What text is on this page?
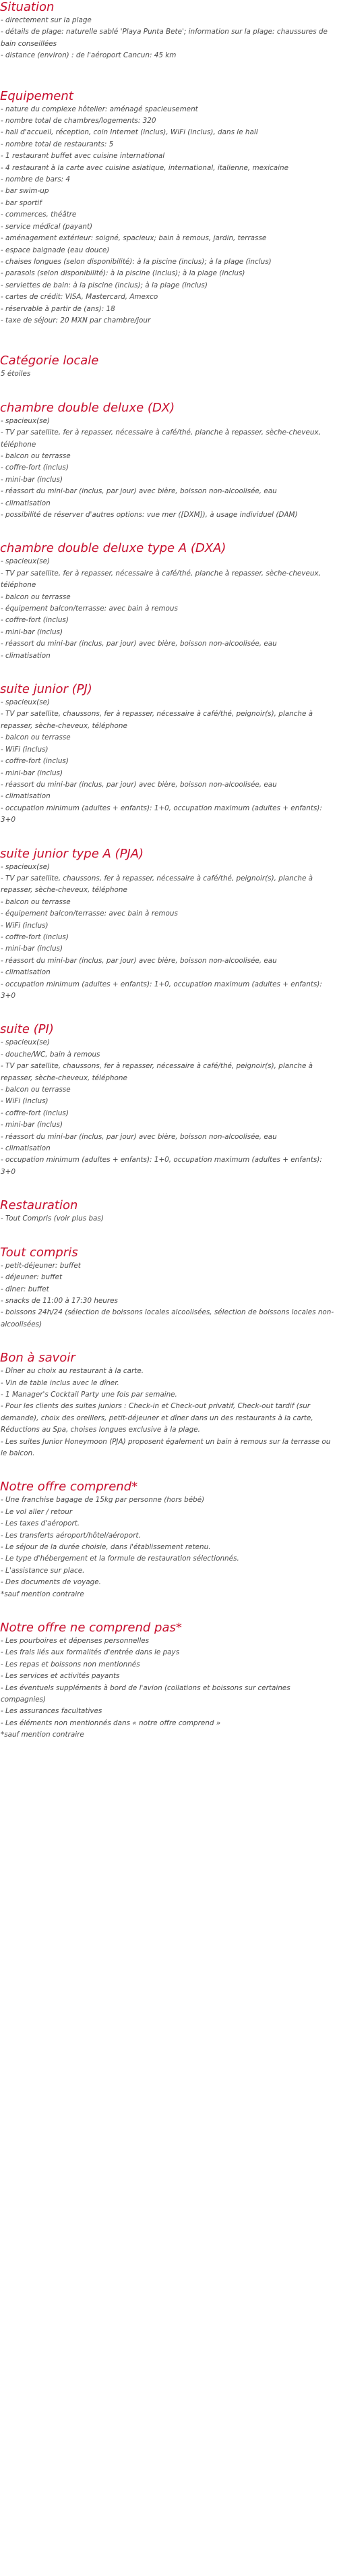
Situation
- directement sur la plage
- détails de plage: naturelle sablé 'Playa Punta Bete'; information sur la plage: chaussures de bain conseillées
- distance (environ) : de l'aéroport Cancun: 45 km
Equipement
- nature du complexe hôtelier: aménagé spacieusement
- nombre total de chambres/logements: 320
- hall d'accueil, réception, coin Internet (inclus), WiFi (inclus), dans le hall
- nombre total de restaurants: 5
- 1 restaurant buffet avec cuisine international
- 4 restaurant à la carte avec cuisine asiatique, international, italienne, mexicaine
- nombre de bars: 4
- bar swim-up
- bar sportif
- commerces, théâtre
- service médical (payant)
- aménagement extérieur: soigné, spacieux; bain à remous, jardin, terrasse
- espace baignade (eau douce)
- chaises longues (selon disponibilité): à la piscine (inclus); à la plage (inclus)
- parasols (selon disponibilité): à la piscine (inclus); à la plage (inclus)
- serviettes de bain: à la piscine (inclus); à la plage (inclus)
- cartes de crédit: VISA, Mastercard, Amexco
- réservable à partir de (ans): 18
- taxe de séjour: 20 MXN par chambre/jour
Catégorie locale
5 étoiles
chambre double deluxe (DX)
- spacieux(se)
- TV par satellite, fer à repasser, nécessaire à café/thé, planche à repasser, sèche-cheveux, téléphone
- balcon ou terrasse
- coffre-fort (inclus)
- mini-bar (inclus)
- réassort du mini-bar (inclus, par jour) avec bière, boisson non-alcoolisée, eau
- climatisation
- possibilité de réserver d'autres options: vue mer ([DXM]), à usage individuel (DAM)
chambre double deluxe type A (DXA)
- spacieux(se)
- TV par satellite, fer à repasser, nécessaire à café/thé, planche à repasser, sèche-cheveux, téléphone
- balcon ou terrasse
- équipement balcon/terrasse: avec bain à remous
- coffre-fort (inclus)
- mini-bar (inclus)
- réassort du mini-bar (inclus, par jour) avec bière, boisson non-alcoolisée, eau
- climatisation
suite junior (PJ)
- spacieux(se)
- TV par satellite, chaussons, fer à repasser, nécessaire à café/thé, peignoir(s), planche à repasser, sèche-cheveux, téléphone
- balcon ou terrasse
- WiFi (inclus)
- coffre-fort (inclus)
- mini-bar (inclus)
- réassort du mini-bar (inclus, par jour) avec bière, boisson non-alcoolisée, eau
- climatisation
- occupation minimum (adultes + enfants): 1+0, occupation maximum (adultes + enfants): 3+0
suite junior type A (PJA)
- spacieux(se)
- TV par satellite, chaussons, fer à repasser, nécessaire à café/thé, peignoir(s), planche à repasser, sèche-cheveux, téléphone
- balcon ou terrasse
- équipement balcon/terrasse: avec bain à remous
- WiFi (inclus)
- coffre-fort (inclus)
- mini-bar (inclus)
- réassort du mini-bar (inclus, par jour) avec bière, boisson non-alcoolisée, eau
- climatisation
- occupation minimum (adultes + enfants): 1+0, occupation maximum (adultes + enfants): 3+0
suite (PI)
- spacieux(se)
- douche/WC, bain à remous
- TV par satellite, chaussons, fer à repasser, nécessaire à café/thé, peignoir(s), planche à repasser, sèche-cheveux, téléphone
- balcon ou terrasse
- WiFi (inclus)
- coffre-fort (inclus)
- mini-bar (inclus)
- réassort du mini-bar (inclus, par jour) avec bière, boisson non-alcoolisée, eau
- climatisation
- occupation minimum (adultes + enfants): 1+0, occupation maximum (adultes + enfants): 3+0
Restauration
- Tout Compris (voir plus bas)
Tout compris
- petit-déjeuner: buffet
- déjeuner: buffet
- dîner: buffet
- snacks de 11:00 à 17:30 heures
- boissons 24h/24 (sélection de boissons locales alcoolisées, sélection de boissons locales non-alcoolisées)
Bon à savoir
- Dîner au choix au restaurant à la carte.
- Vin de table inclus avec le dîner.
- 1 Manager's Cocktail Party une fois par semaine.
- Pour les clients des suites juniors : Check-in et Check-out privatif, Check-out tardif (sur demande), choix des oreillers, petit-déjeuner et dîner dans un des restaurants à la carte, Réductions au Spa, choises longues exclusive à la plage.
- Les suites Junior Honeymoon (PJA) proposent également un bain à remous sur la terrasse ou le balcon.
Notre offre comprend*
- Une franchise bagage de 15kg par personne (hors bébé)
- Le vol aller / retour
- Les taxes d'aéroport.
- Les transferts aéroport/hôtel/aéroport.
- Le séjour de la durée choisie, dans l'établissement retenu.
- Le type d'hébergement et la formule de restauration sélectionnés.
- L'assistance sur place.
- Des documents de voyage.
*sauf mention contraire
Notre offre ne comprend pas*
- Les pourboires et dépenses personnelles
- Les frais liés aux formalités d'entrée dans le pays
- Les repas et boissons non mentionnés
- Les services et activités payants
- Les éventuels suppléments à bord de l'avion (collations et boissons sur certaines compagnies)
- Les assurances facultatives
- Les éléments non mentionnés dans « notre offre comprend »
*sauf mention contraire
